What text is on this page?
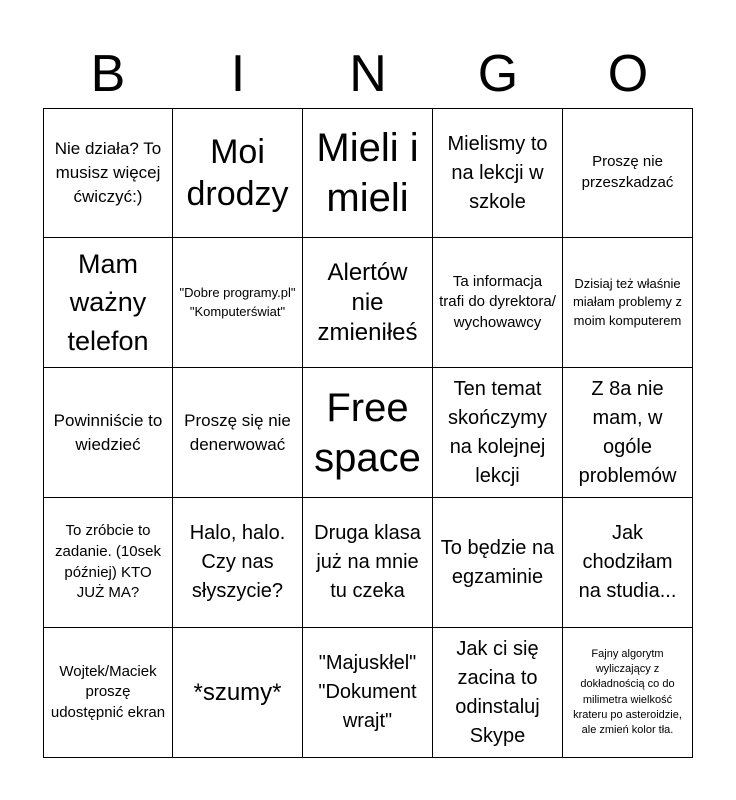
B	I	N	G	O
Nie działa? To musisz więcej ćwiczyć:)
Moi drodzy
Mieli i mieli
Mielismy to na lekcji w szkole
Proszę nie przeszkadzać
Mam ważny telefon
"Dobre programy.pl" "Komputerświat"
Alertów nie zmieniłeś
Ta informacja trafi do dyrektora/ wychowawcy
Dzisiaj też właśnie miałam problemy z moim komputerem
Powinniście to wiedzieć
Proszę się nie denerwować
Free space
Ten temat skończymy na kolejnej lekcji
Z 8a nie mam, w ogóle problemów
To zróbcie to zadanie. (10sek później) KTO JUŻ MA?
Halo, halo. Czy nas słyszycie?
Druga klasa już na mnie tu czeka
To będzie na egzaminie
Jak chodziłam na studia...
Wojtek/Maciek proszę udostępnić ekran
*szumy*
"Majuskłel" "Dokument wrajt"
Jak ci się zacina to odinstaluj Skype
Fajny algorytm wyliczający z dokładnością co do milimetra wielkość krateru po asteroidzie, ale zmień kolor tła.
